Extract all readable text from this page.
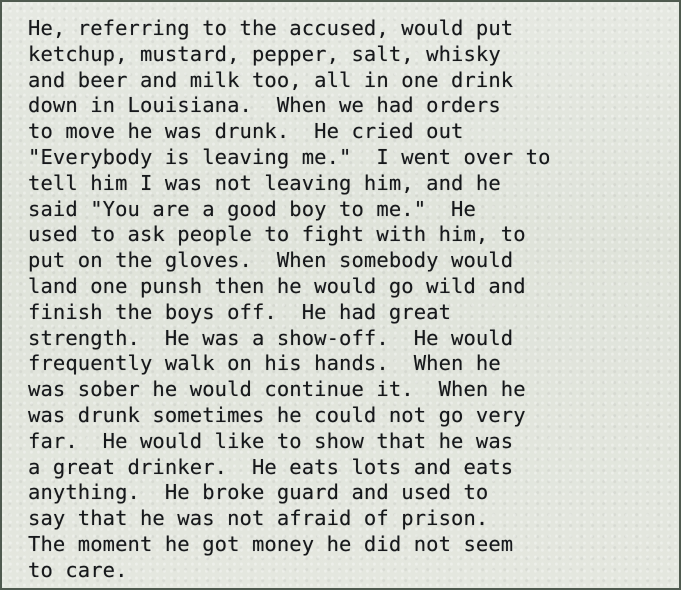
He, referring to the accused, would put
ketchup, mustard, pepper, salt, whisky
and beer and milk too, all in one drink
down in Louisiana.  When we had orders
to move he was drunk.  He cried out
"Everybody is leaving me."  I went over to
tell him I was not leaving him, and he
said "You are a good boy to me."  He
used to ask people to fight with him, to
put on the gloves.  When somebody would
land one punsh then he would go wild and
finish the boys off.  He had great
strength.  He was a show-off.  He would
frequently walk on his hands.  When he
was sober he would continue it.  When he
was drunk sometimes he could not go very
far.  He would like to show that he was
a great drinker.  He eats lots and eats
anything.  He broke guard and used to
say that he was not afraid of prison.
The moment he got money he did not seem
to care.
